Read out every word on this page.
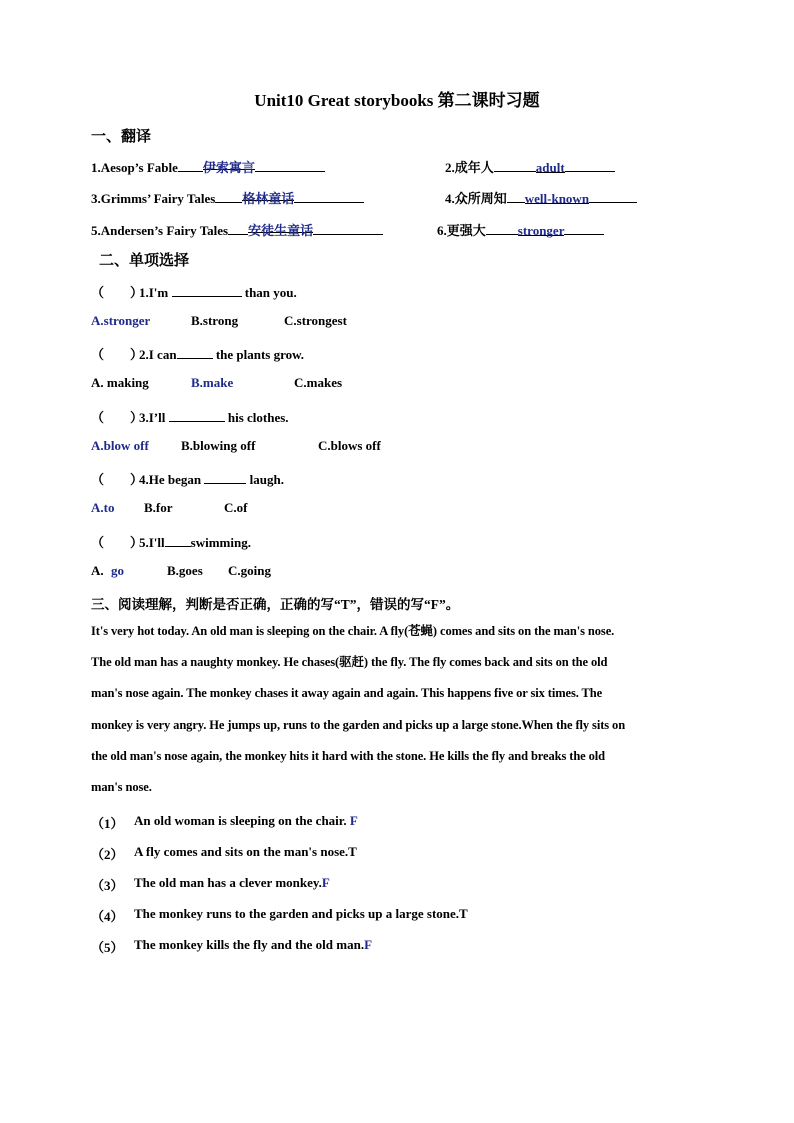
Unit10 Great storybooks 第二课时习题
一、翻译
1.Aesop’s Fable 伊索寓言	2.成年人	adult
3.Grimms’ Fairy Tales 格林童话	4.众所周知 well-known
5.Andersen’s Fairy Tales 安徒生童话	6.更强大 stronger
二、单项选择
（　　）1.I'm	than you.
A.stronger	B.strong	C.strongest
（　　）2.I can	the plants grow.
A. making	B.make	C.makes
（　　）3.I’ll	his clothes.
A.blow off B.blowing off	C.blows off
（　　）4.He began	laugh.
A.to B.for	C.of
（　　）5.I'll swimming.
A. go	B.goes C.going
三、阅读理解，判断是否正确，正确的写“T”，错误的写“F”。

It's very hot today. An old man is sleeping on the chair. A fly(苍蝇) comes and sits on the man's nose.

The old man has a naughty monkey. He chases(驱赶) the fly. The fly comes back and sits on the old

man's nose again. The monkey chases it away again and again. This happens five or six times. The

monkey is very angry. He jumps up, runs to the garden and picks up a large stone.When the fly sits on

the old man's nose again, the monkey hits it hard with the stone. He kills the fly and breaks the old

man's nose.

（1） An old woman is sleeping on the chair. F
（2） A fly comes and sits on the man's nose.T
（3） The old man has a clever monkey.F
（4） The monkey runs to the garden and picks up a large stone.T
（5） The monkey kills the fly and the old man.F
